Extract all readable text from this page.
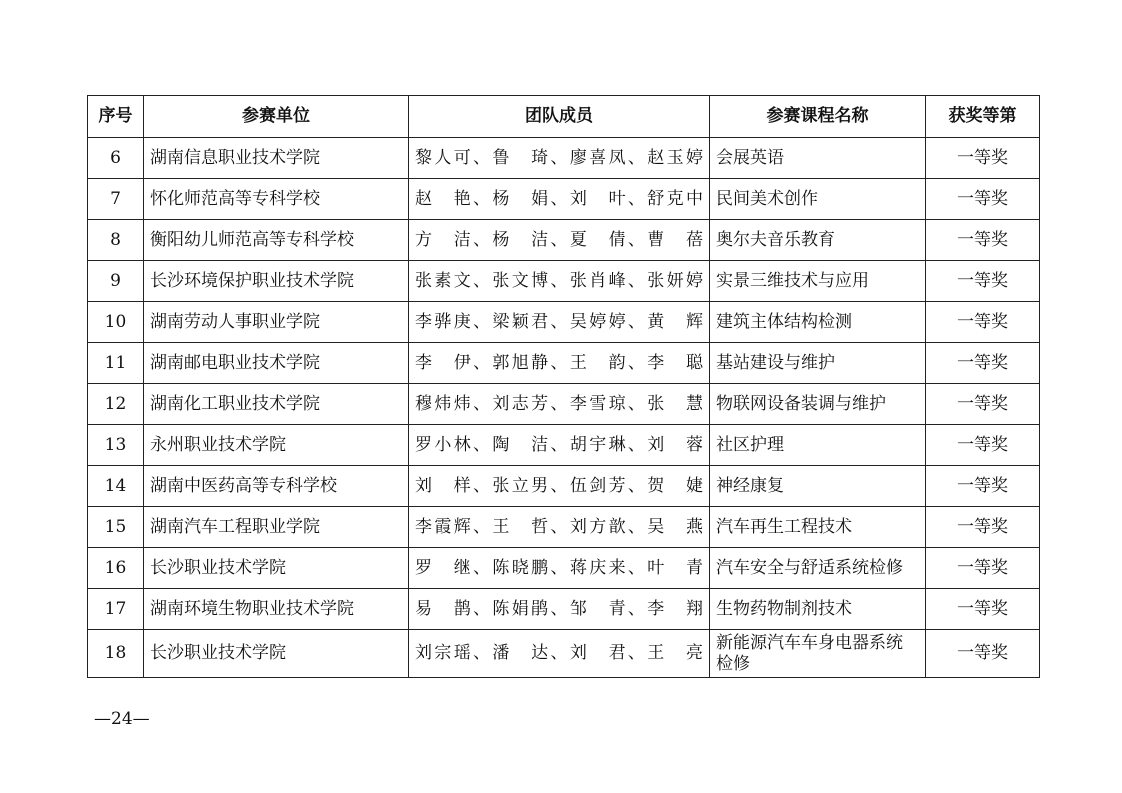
序号	参赛单位	团队成员	参赛课程名称	获奖等第
6	湖南信息职业技术学院	黎人可、鲁　琦、廖喜凤、赵玉婷	会展英语	一等奖
7	怀化师范高等专科学校	赵　艳、杨　娟、刘　叶、舒克中	民间美术创作	一等奖
8	衡阳幼儿师范高等专科学校	方　洁、杨　洁、夏　倩、曹　蓓	奥尔夫音乐教育	一等奖
9	长沙环境保护职业技术学院	张素文、张文博、张肖峰、张妍婷	实景三维技术与应用	一等奖
10	湖南劳动人事职业学院	李骅庚、梁颖君、吴婷婷、黄　辉	建筑主体结构检测	一等奖
11	湖南邮电职业技术学院	李　伊、郭旭静、王　韵、李　聪	基站建设与维护	一等奖
12	湖南化工职业技术学院	穆炜炜、刘志芳、李雪琼、张　慧	物联网设备装调与维护	一等奖
13	永州职业技术学院	罗小林、陶　洁、胡宇琳、刘　蓉	社区护理	一等奖
14	湖南中医药高等专科学校	刘　样、张立男、伍剑芳、贺　婕	神经康复	一等奖
15	湖南汽车工程职业学院	李霞辉、王　哲、刘方歆、吴　燕	汽车再生工程技术	一等奖
16	长沙职业技术学院	罗　继、陈晓鹏、蒋庆来、叶　青	汽车安全与舒适系统检修	一等奖
17	湖南环境生物职业技术学院	易　鹊、陈娟鹃、邹　青、李　翔	生物药物制剂技术	一等奖
18	长沙职业技术学院	刘宗瑶、潘　达、刘　君、王　亮	新能源汽车车身电器系统检修	一等奖
—24—
